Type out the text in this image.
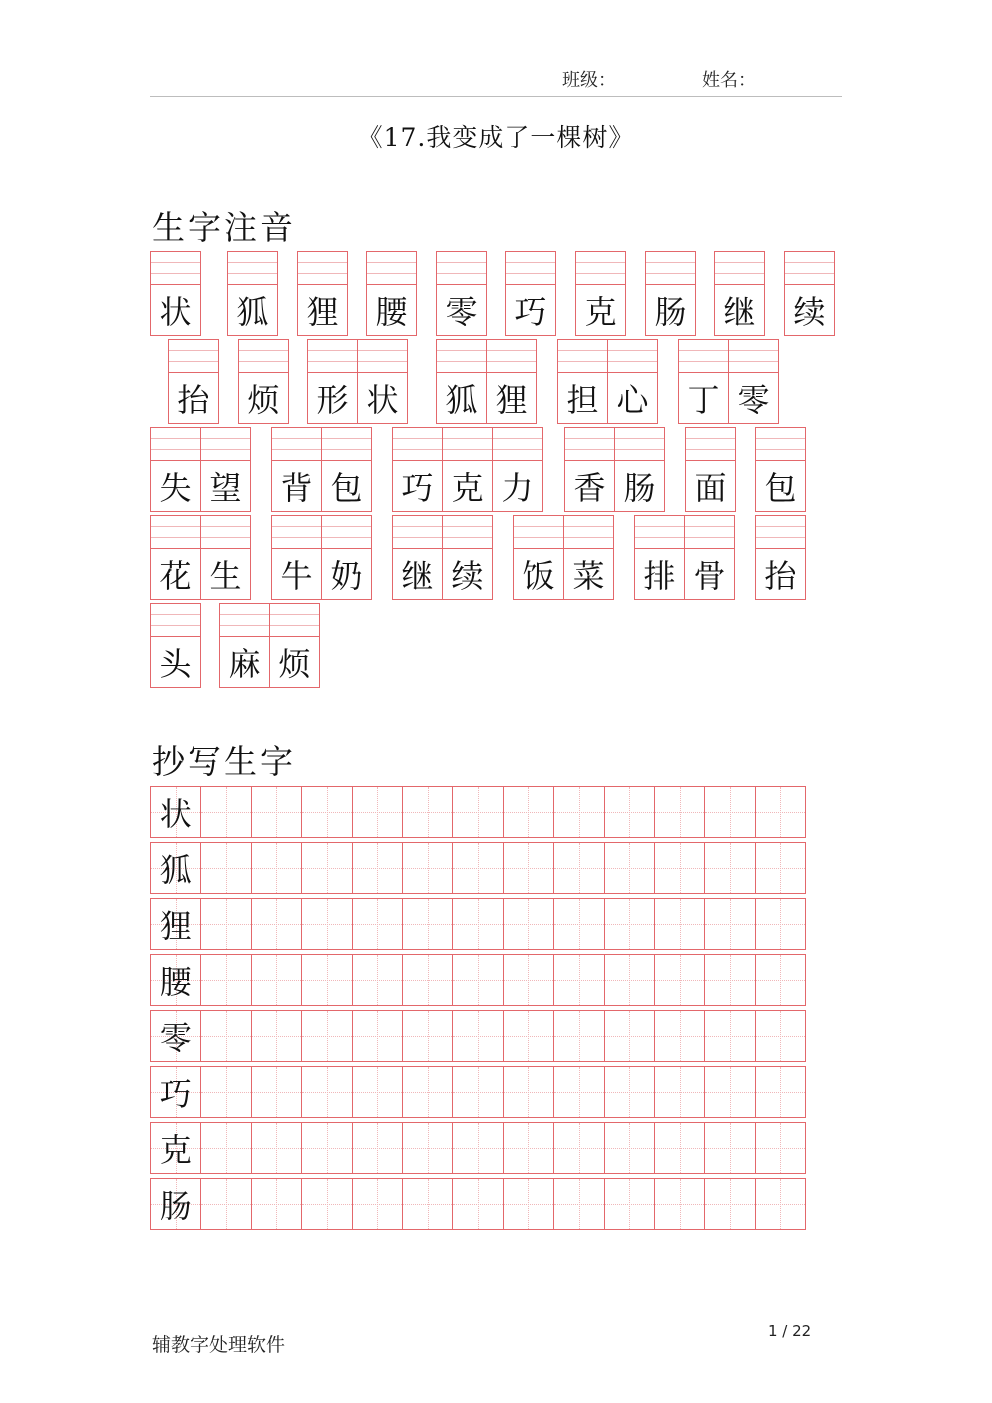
班级：	姓名：
《17.我变成了一棵树》
生字注音
状 狐 狸 腰 零 巧 克 肠 继 续
抬 烦 形 状 狐 狸 担 心 丁 零
失 望 背 包 巧 克 力 香 肠 面 包
花 生 牛 奶 继 续 饭 菜 排 骨 抬
头 麻 烦
抄写生字
状
狐
狸
腰
零
巧
克
肠
辅教字处理软件
1 / 22
